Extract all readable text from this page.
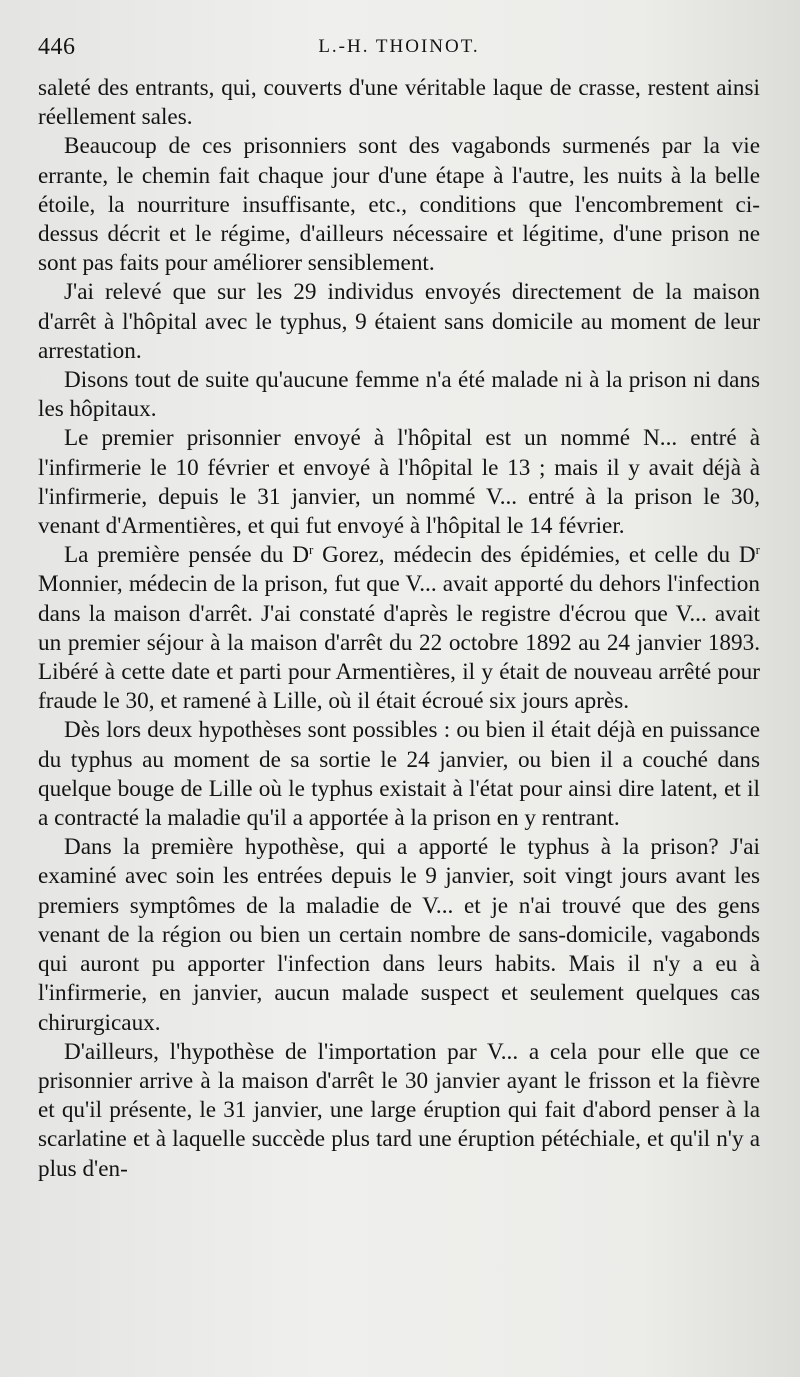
446	L.-H. THOINOT.

saleté des entrants, qui, couverts d'une véritable laque de crasse, restent ainsi réellement sales.

Beaucoup de ces prisonniers sont des vagabonds surmenés par la vie errante, le chemin fait chaque jour d'une étape à l'autre, les nuits à la belle étoile, la nourriture insuffisante, etc., conditions que l'encombrement ci-dessus décrit et le régime, d'ailleurs nécessaire et légitime, d'une prison ne sont pas faits pour améliorer sensiblement.

J'ai relevé que sur les 29 individus envoyés directement de la maison d'arrêt à l'hôpital avec le typhus, 9 étaient sans domicile au moment de leur arrestation.

Disons tout de suite qu'aucune femme n'a été malade ni à la prison ni dans les hôpitaux.

Le premier prisonnier envoyé à l'hôpital est un nommé N... entré à l'infirmerie le 10 février et envoyé à l'hôpital le 13 ; mais il y avait déjà à l'infirmerie, depuis le 31 janvier, un nommé V... entré à la prison le 30, venant d'Armentières, et qui fut envoyé à l'hôpital le 14 février.

La première pensée du $D^r$ Gorez, médecin des épidémies, et celle du $D^r$ Monnier, médecin de la prison, fut que V... avait apporté du dehors l'infection dans la maison d'arrêt. J'ai constaté d'après le registre d'écrou que V... avait un premier séjour à la maison d'arrêt du 22 octobre 1892 au 24 janvier 1893. Libéré à cette date et parti pour Armentières, il y était de nouveau arrêté pour fraude le 30, et ramené à Lille, où il était écroué six jours après.

Dès lors deux hypothèses sont possibles : ou bien il était déjà en puissance du typhus au moment de sa sortie le 24 janvier, ou bien il a couché dans quelque bouge de Lille où le typhus existait à l'état pour ainsi dire latent, et il a contracté la maladie qu'il a apportée à la prison en y rentrant.

Dans la première hypothèse, qui a apporté le typhus à la prison? J'ai examiné avec soin les entrées depuis le 9 janvier, soit vingt jours avant les premiers symptômes de la maladie de V... et je n'ai trouvé que des gens venant de la région ou bien un certain nombre de sans-domicile, vagabonds qui auront pu apporter l'infection dans leurs habits. Mais il n'y a eu à l'infirmerie, en janvier, aucun malade suspect et seulement quelques cas chirurgicaux.

D'ailleurs, l'hypothèse de l'importation par V... a cela pour elle que ce prisonnier arrive à la maison d'arrêt le 30 janvier ayant le frisson et la fièvre et qu'il présente, le 31 janvier, une large éruption qui fait d'abord penser à la scarlatine et à laquelle succède plus tard une éruption pétéchiale, et qu'il n'y a plus d'en-
